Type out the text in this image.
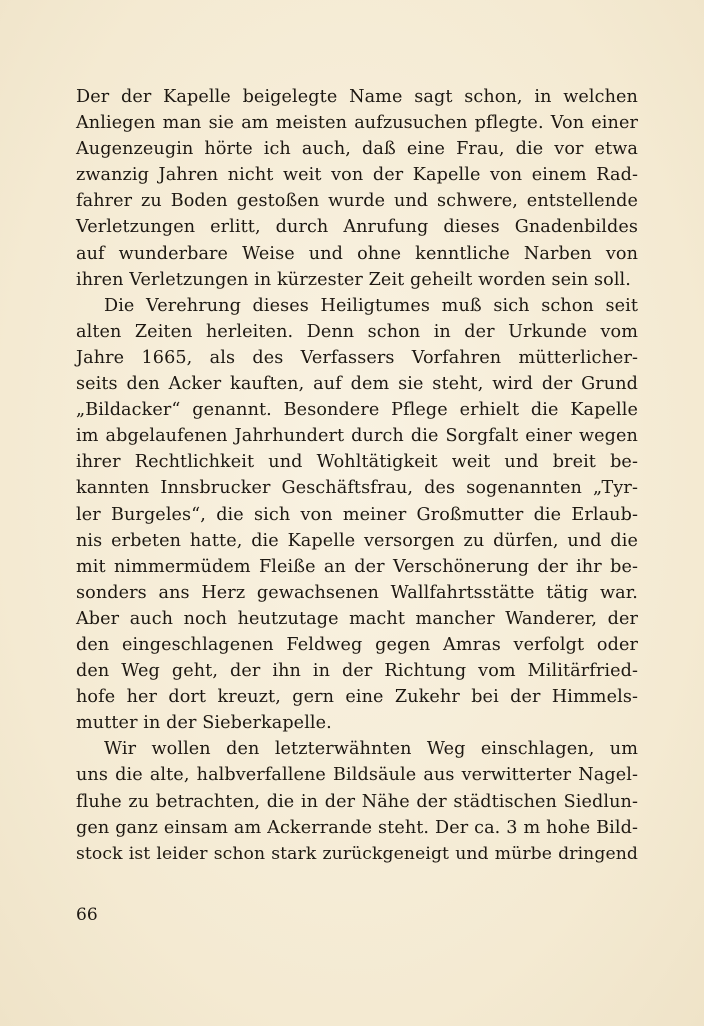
Der der Kapelle beigelegte Name sagt schon, in welchen
Anliegen man sie am meisten aufzusuchen pflegte. Von einer
Augenzeugin hörte ich auch, daß eine Frau, die vor etwa
zwanzig Jahren nicht weit von der Kapelle von einem Rad-
fahrer zu Boden gestoßen wurde und schwere, entstellende
Verletzungen erlitt, durch Anrufung dieses Gnadenbildes
auf wunderbare Weise und ohne kenntliche Narben von
ihren Verletzungen in kürzester Zeit geheilt worden sein soll.
Die Verehrung dieses Heiligtumes muß sich schon seit
alten Zeiten herleiten. Denn schon in der Urkunde vom
Jahre 1665, als des Verfassers Vorfahren mütterlicher-
seits den Acker kauften, auf dem sie steht, wird der Grund
„Bildacker“ genannt. Besondere Pflege erhielt die Kapelle
im abgelaufenen Jahrhundert durch die Sorgfalt einer wegen
ihrer Rechtlichkeit und Wohltätigkeit weit und breit be-
kannten Innsbrucker Geschäftsfrau, des sogenannten „Tyr-
ler Burgeles“, die sich von meiner Großmutter die Erlaub-
nis erbeten hatte, die Kapelle versorgen zu dürfen, und die
mit nimmermüdem Fleiße an der Verschönerung der ihr be-
sonders ans Herz gewachsenen Wallfahrtsstätte tätig war.
Aber auch noch heutzutage macht mancher Wanderer, der
den eingeschlagenen Feldweg gegen Amras verfolgt oder
den Weg geht, der ihn in der Richtung vom Militärfried-
hofe her dort kreuzt, gern eine Zukehr bei der Himmels-
mutter in der Sieberkapelle.
Wir wollen den letzterwähnten Weg einschlagen, um
uns die alte, halbverfallene Bildsäule aus verwitterter Nagel-
fluhe zu betrachten, die in der Nähe der städtischen Siedlun-
gen ganz einsam am Ackerrande steht. Der ca. 3 m hohe Bild-
stock ist leider schon stark zurückgeneigt und mürbe dringend
66
